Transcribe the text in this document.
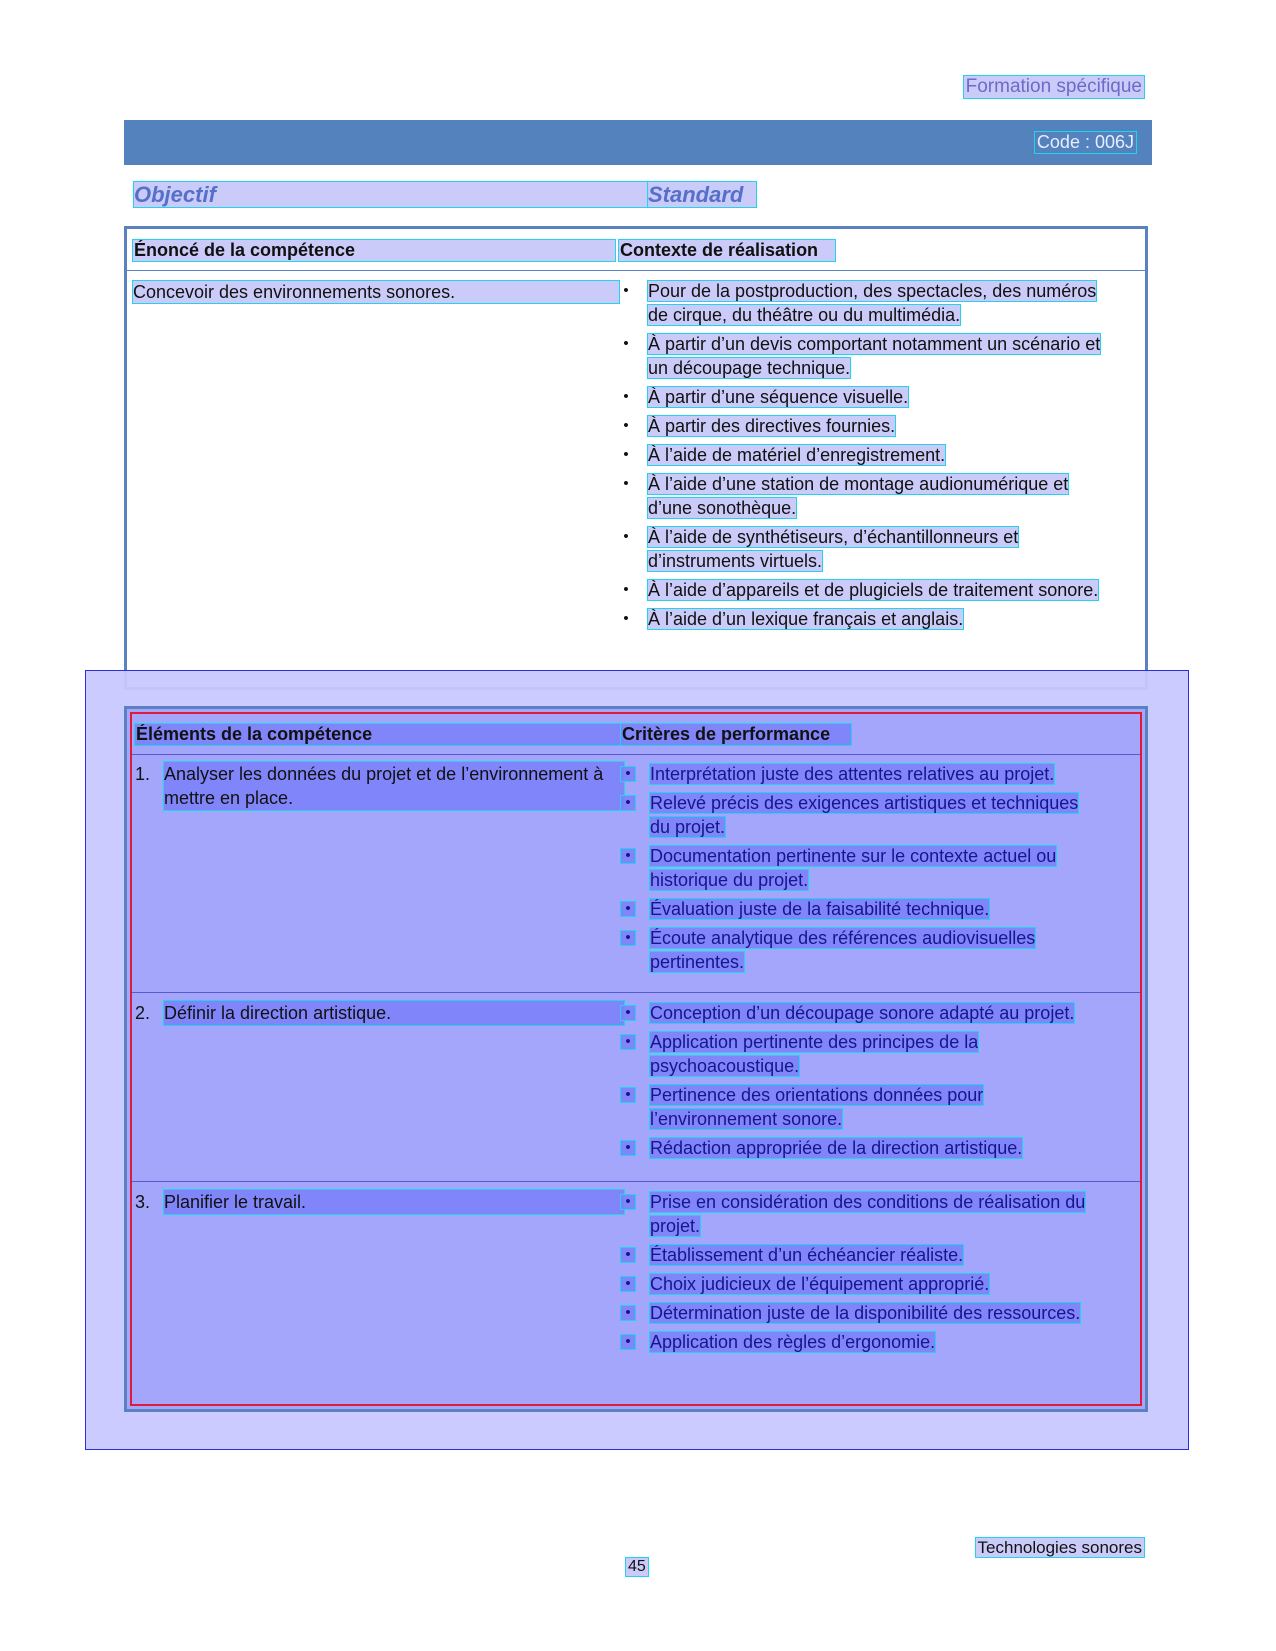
Formation spécifique
Code : 006J
Objectif	Standard
Énoncé de la compétence	Contexte de réalisation
Concevoir des environnements sonores.	• Pour de la postproduction, des spectacles, des numéros de cirque, du théâtre ou du multimédia.
• À partir d’un devis comportant notamment un scénario et un découpage technique.
• À partir d’une séquence visuelle.
• À partir des directives fournies.
• À l’aide de matériel d’enregistrement.
• À l’aide d’une station de montage audionumérique et d’une sonothèque.
• À l’aide de synthétiseurs, d’échantillonneurs et d’instruments virtuels.
• À l’aide d’appareils et de plugiciels de traitement sonore.
• À l’aide d’un lexique français et anglais.
Éléments de la compétence	Critères de performance
1. Analyser les données du projet et de l’environnement à mettre en place.
• Interprétation juste des attentes relatives au projet.
• Relevé précis des exigences artistiques et techniques du projet.
• Documentation pertinente sur le contexte actuel ou historique du projet.
• Évaluation juste de la faisabilité technique.
• Écoute analytique des références audiovisuelles pertinentes.
2. Définir la direction artistique.	• Conception d’un découpage sonore adapté au projet.
• Application pertinente des principes de la psychoacoustique.
• Pertinence des orientations données pour l’environnement sonore.
• Rédaction appropriée de la direction artistique.
3. Planifier le travail.	• Prise en considération des conditions de réalisation du projet.
• Établissement d’un échéancier réaliste.
• Choix judicieux de l’équipement approprié.
• Détermination juste de la disponibilité des ressources.
• Application des règles d’ergonomie.
Technologies sonores
45
